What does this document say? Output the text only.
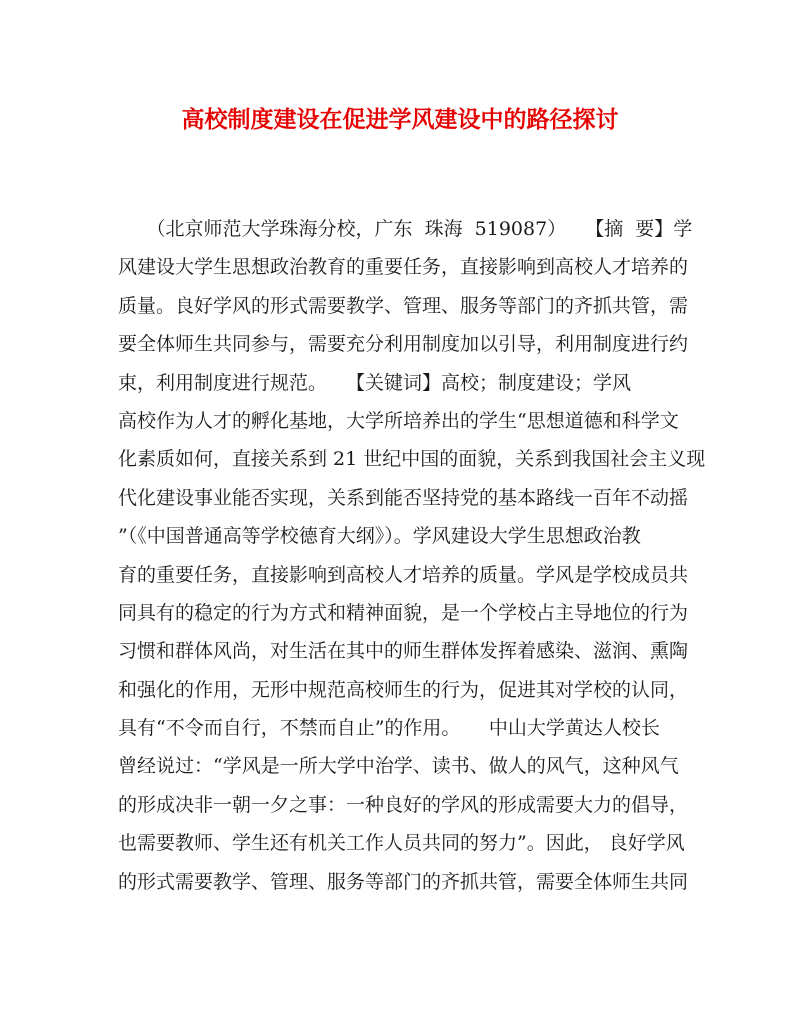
高校制度建设在促进学风建设中的路径探讨
　　（北京师范大学珠海分校，广东  珠海  519087）　　【摘  要】学
风建设大学生思想政治教育的重要任务，直接影响到高校人才培养的
质量。良好学风的形式需要教学、管理、服务等部门的齐抓共管，需
要全体师生共同参与，需要充分利用制度加以引导，利用制度进行约
束，利用制度进行规范。　　【关键词】高校；制度建设；学风
高校作为人才的孵化基地，大学所培养出的学生“思想道德和科学文
化素质如何，直接关系到 21 世纪中国的面貌，关系到我国社会主义现
代化建设事业能否实现，关系到能否坚持党的基本路线一百年不动摇
”（《中国普通高等学校德育大纲》）。学风建设大学生思想政治教
育的重要任务，直接影响到高校人才培养的质量。学风是学校成员共
同具有的稳定的行为方式和精神面貌，是一个学校占主导地位的行为
习惯和群体风尚，对生活在其中的师生群体发挥着感染、滋润、熏陶
和强化的作用，无形中规范高校师生的行为，促进其对学校的认同，
具有“不令而自行，不禁而自止”的作用。　　中山大学黄达人校长
曾经说过：“学风是一所大学中治学、读书、做人的风气，这种风气
的形成决非一朝一夕之事：一种良好的学风的形成需要大力的倡导，
也需要教师、学生还有机关工作人员共同的努力”。因此， 良好学风
的形式需要教学、管理、服务等部门的齐抓共管，需要全体师生共同
